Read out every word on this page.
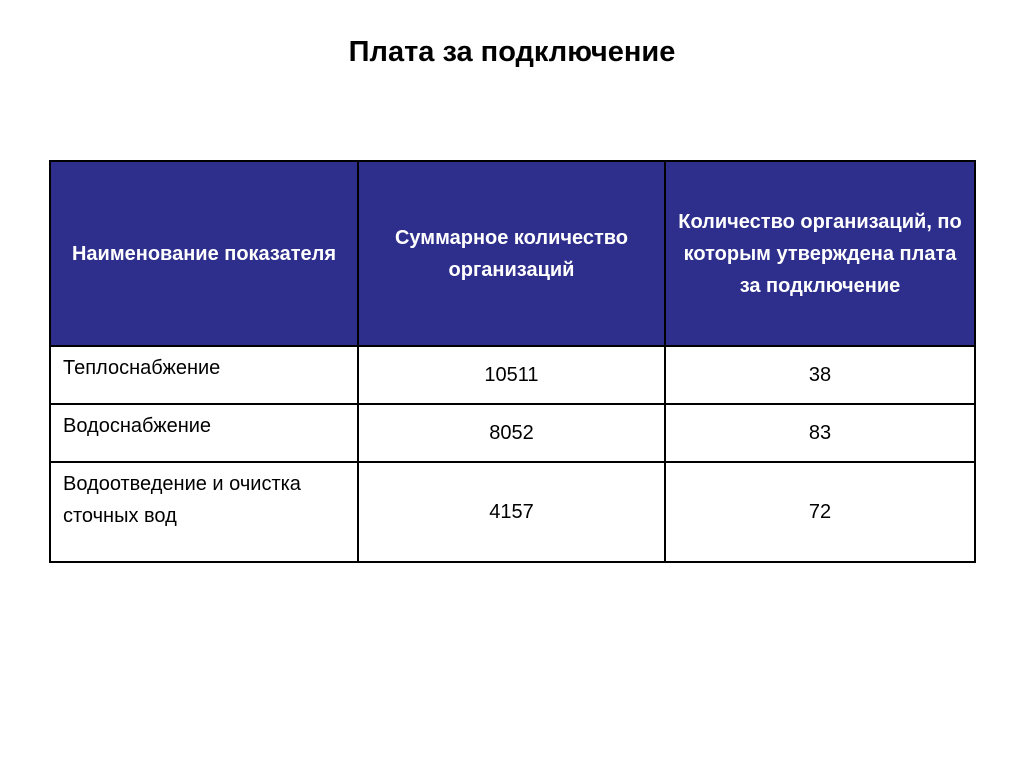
Плата за подключение
Наименование показателя	Суммарное количество организаций	Количество организаций, по которым утверждена плата за подключение
Теплоснабжение	10511	38
Водоснабжение	8052	83
Водоотведение и очистка сточных вод	4157	72
